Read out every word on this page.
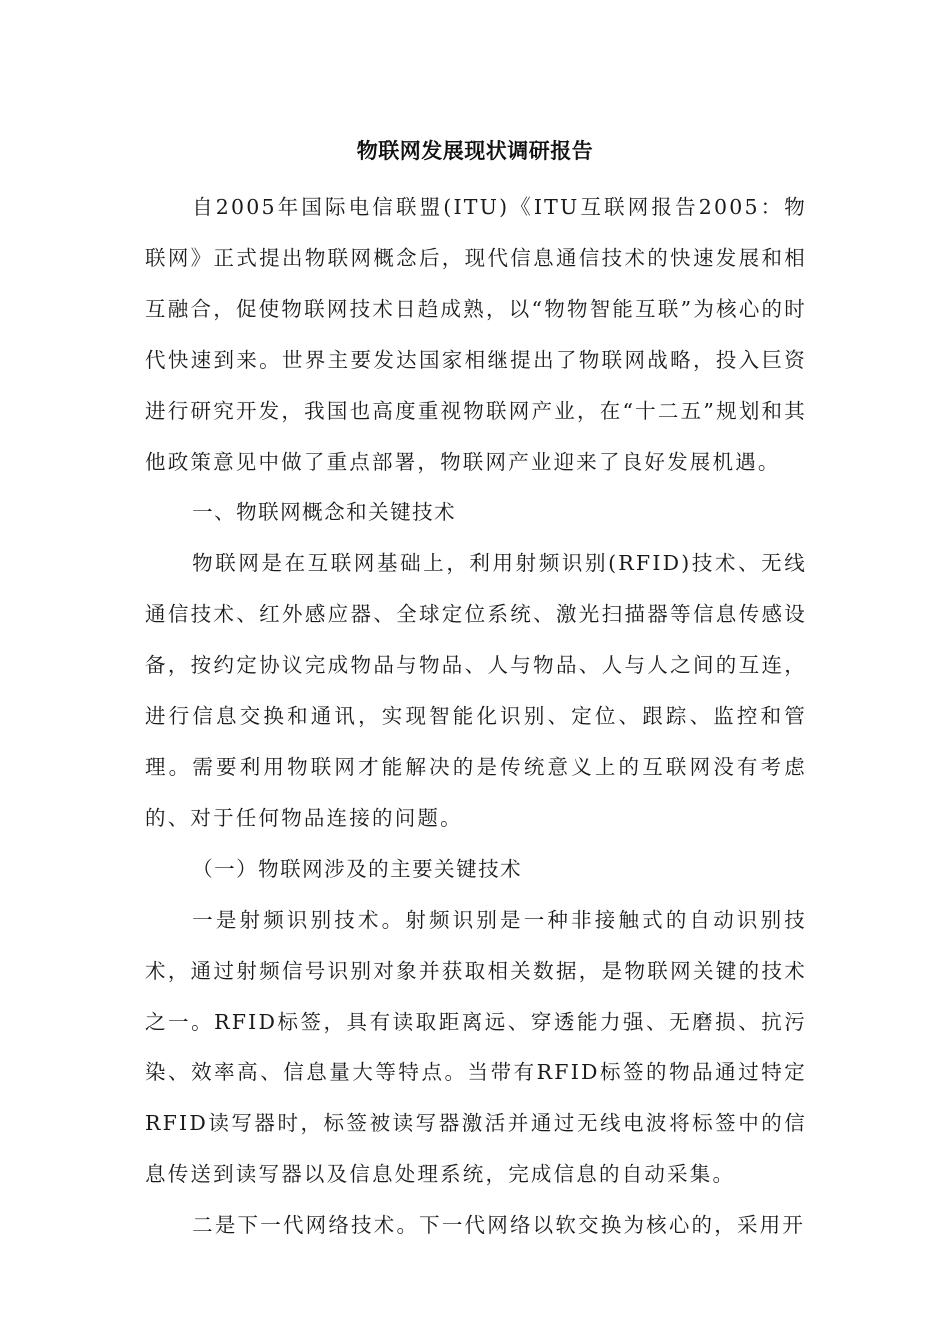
物联网发展现状调研报告

自2005年国际电信联盟(ITU)《ITU互联网报告2005：物联网》正式提出物联网概念后，现代信息通信技术的快速发展和相互融合，促使物联网技术日趋成熟，以“物物智能互联”为核心的时代快速到来。世界主要发达国家相继提出了物联网战略，投入巨资进行研究开发，我国也高度重视物联网产业，在“十二五”规划和其他政策意见中做了重点部署，物联网产业迎来了良好发展机遇。

一、物联网概念和关键技术

物联网是在互联网基础上，利用射频识别(RFID)技术、无线通信技术、红外感应器、全球定位系统、激光扫描器等信息传感设备，按约定协议完成物品与物品、人与物品、人与人之间的互连，进行信息交换和通讯，实现智能化识别、定位、跟踪、监控和管理。需要利用物联网才能解决的是传统意义上的互联网没有考虑的、对于任何物品连接的问题。

（一）物联网涉及的主要关键技术

一是射频识别技术。射频识别是一种非接触式的自动识别技术，通过射频信号识别对象并获取相关数据，是物联网关键的技术之一。RFID标签，具有读取距离远、穿透能力强、无磨损、抗污染、效率高、信息量大等特点。当带有RFID标签的物品通过特定RFID读写器时，标签被读写器激活并通过无线电波将标签中的信息传送到读写器以及信息处理系统，完成信息的自动采集。

二是下一代网络技术。下一代网络以软交换为核心的，采用开
